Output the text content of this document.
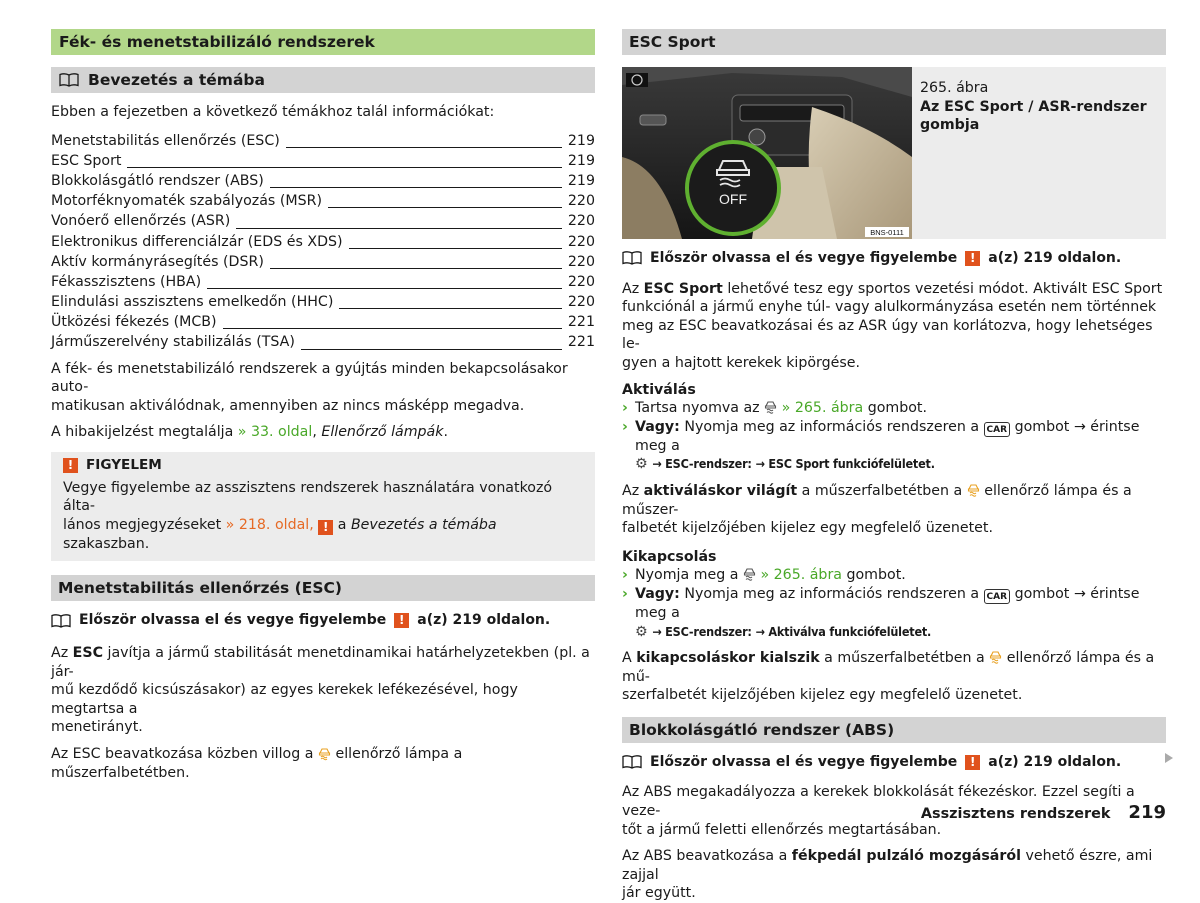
Fék- és menetstabilizáló rendszerek
Bevezetés a témába

Ebben a fejezetben a következő témákhoz talál információkat:

Menetstabilitás ellenőrzés (ESC)	219
ESC Sport	219
Blokkolásgátló rendszer (ABS)	219
Motorféknyomaték szabályozás (MSR)	220
Vonóerő ellenőrzés (ASR)	220
Elektronikus differenciálzár (EDS és XDS)	220
Aktív kormányrásegítés (DSR)	220
Fékasszisztens (HBA)	220
Elindulási asszisztens emelkedőn (HHC)	220
Ütközési fékezés (MCB)	221
Járműszerelvény stabilizálás (TSA)	221

A fék- és menetstabilizáló rendszerek a gyújtás minden bekapcsolásakor auto-
matikusan aktiválódnak, amennyiben az nincs másképp megadva.

A hibakijelzést megtalálja » 33. oldal, Ellenőrző lámpák.

! FIGYELEM

Vegye figyelembe az asszisztens rendszerek használatára vonatkozó álta-
lános megjegyzéseket » 218. oldal, ! a Bevezetés a témába szakaszban.

Menetstabilitás ellenőrzés (ESC)
Először olvassa el és vegye figyelembe	! a(z) 219 oldalon.

Az ESC javítja a jármű stabilitását menetdinamikai határhelyzetekben (pl. a jár-
mű kezdődő kicsúszásakor) az egyes kerekek lefékezésével, hogy megtartsa a
menetirányt.

Az ESC beavatkozása közben villog a ellenőrző lámpa a műszerfalbetétben.

ESC Sport
OFF
BNS-0111
265. ábra
Az ESC Sport / ASR-rendszer
gombja
Először olvassa el és vegye figyelembe	! a(z) 219 oldalon.

Az ESC Sport lehetővé tesz egy sportos vezetési módot. Aktivált ESC Sport
funkciónál a jármű enyhe túl- vagy alulkormányzása esetén nem történnek
meg az ESC beavatkozásai és az ASR úgy van korlátozva, hogy lehetséges le-
gyen a hajtott kerekek kipörgése.

Aktiválás
› Tartsa nyomva az » 265. ábra gombot.
› Vagy: Nyomja meg az információs rendszeren a CAR gombot → érintse meg a
⚙ → ESC-rendszer: → ESC Sport funkciófelületet.

Az aktiváláskor világít a műszerfalbetétben a ellenőrző lámpa és a műszer-
falbetét kijelzőjében kijelez egy megfelelő üzenetet.

Kikapcsolás
› Nyomja meg a » 265. ábra gombot.
› Vagy: Nyomja meg az információs rendszeren a CAR gombot → érintse meg a
⚙ → ESC-rendszer: → Aktiválva funkciófelületet.

A kikapcsoláskor kialszik a műszerfalbetétben a ellenőrző lámpa és a mű-
szerfalbetét kijelzőjében kijelez egy megfelelő üzenetet.

Blokkolásgátló rendszer (ABS)
Először olvassa el és vegye figyelembe	! a(z) 219 oldalon.

Az ABS megakadályozza a kerekek blokkolását fékezéskor. Ezzel segíti a veze-
tőt a jármű feletti ellenőrzés megtartásában.

Az ABS beavatkozása a fékpedál pulzáló mozgásáról vehető észre, ami zajjal
jár együtt.

Asszisztens rendszerek 219
